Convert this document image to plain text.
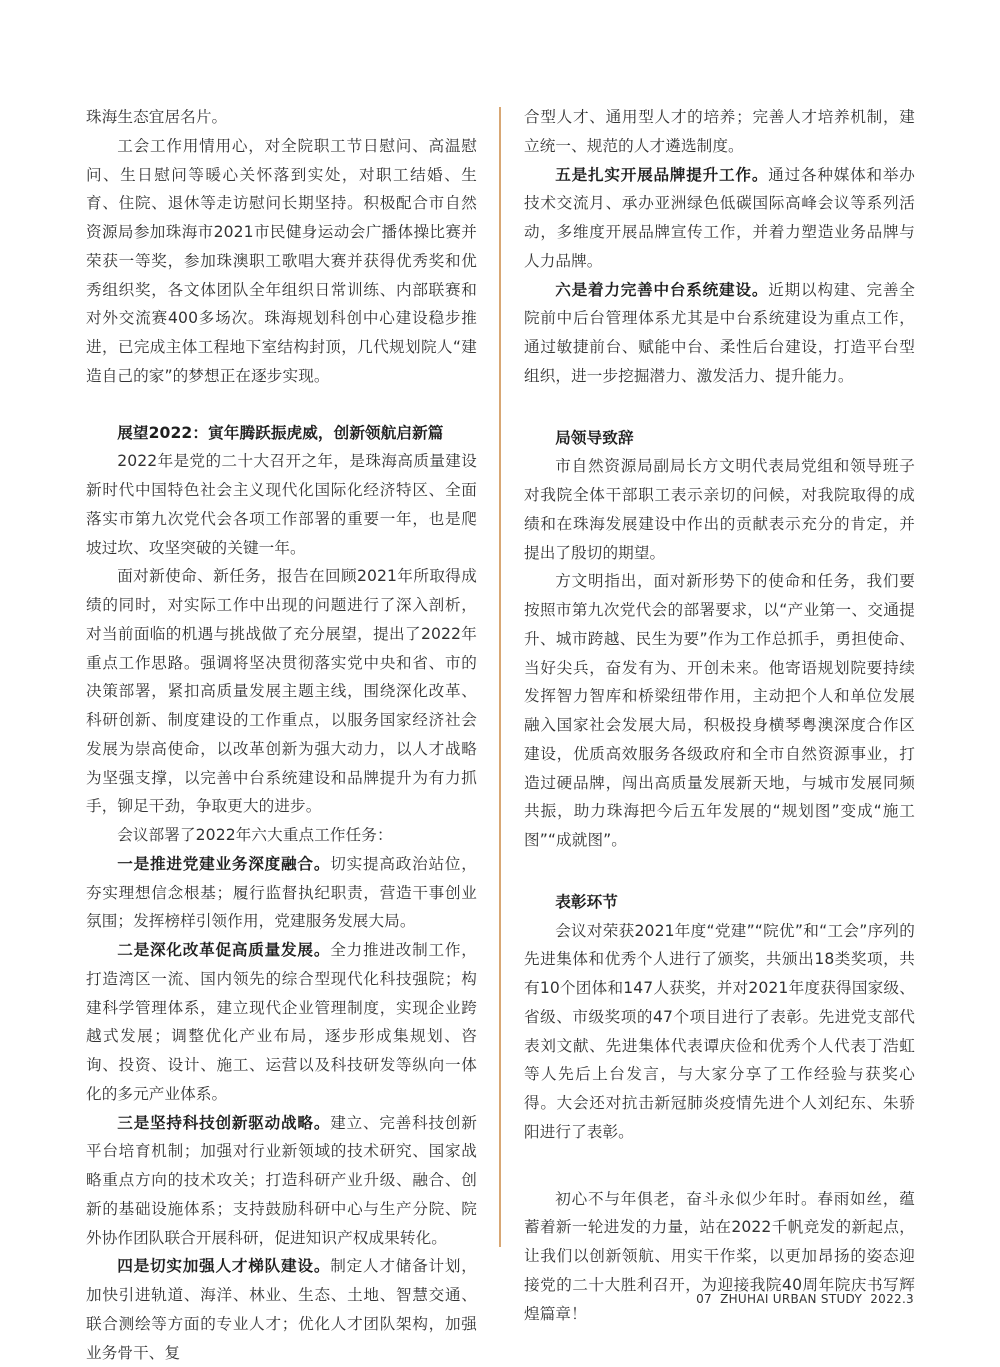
珠海生态宜居名片。

工会工作用情用心，对全院职工节日慰问、高温慰问、生日慰问等暖心关怀落到实处，对职工结婚、生育、住院、退休等走访慰问长期坚持。积极配合市自然资源局参加珠海市2021市民健身运动会广播体操比赛并荣获一等奖，参加珠澳职工歌唱大赛并获得优秀奖和优秀组织奖，各文体团队全年组织日常训练、内部联赛和对外交流赛400多场次。珠海规划科创中心建设稳步推进，已完成主体工程地下室结构封顶，几代规划院人“建造自己的家”的梦想正在逐步实现。

展望2022：寅年腾跃振虎威，创新领航启新篇

2022年是党的二十大召开之年，是珠海高质量建设新时代中国特色社会主义现代化国际化经济特区、全面落实市第九次党代会各项工作部署的重要一年，也是爬坡过坎、攻坚突破的关键一年。

面对新使命、新任务，报告在回顾2021年所取得成绩的同时，对实际工作中出现的问题进行了深入剖析，对当前面临的机遇与挑战做了充分展望，提出了2022年重点工作思路。强调将坚决贯彻落实党中央和省、市的决策部署，紧扣高质量发展主题主线，围绕深化改革、科研创新、制度建设的工作重点，以服务国家经济社会发展为崇高使命，以改革创新为强大动力，以人才战略为坚强支撑，以完善中台系统建设和品牌提升为有力抓手，铆足干劲，争取更大的进步。

会议部署了2022年六大重点工作任务：

一是推进党建业务深度融合。切实提高政治站位，夯实理想信念根基；履行监督执纪职责，营造干事创业氛围；发挥榜样引领作用，党建服务发展大局。

二是深化改革促高质量发展。全力推进改制工作，打造湾区一流、国内领先的综合型现代化科技强院；构建科学管理体系，建立现代企业管理制度，实现企业跨越式发展；调整优化产业布局，逐步形成集规划、咨询、投资、设计、施工、运营以及科技研发等纵向一体化的多元产业体系。

三是坚持科技创新驱动战略。建立、完善科技创新平台培育机制；加强对行业新领域的技术研究、国家战略重点方向的技术攻关；打造科研产业升级、融合、创新的基础设施体系；支持鼓励科研中心与生产分院、院外协作团队联合开展科研，促进知识产权成果转化。

四是切实加强人才梯队建设。制定人才储备计划，加快引进轨道、海洋、林业、生态、土地、智慧交通、联合测绘等方面的专业人才；优化人才团队架构，加强业务骨干、复

合型人才、通用型人才的培养；完善人才培养机制，建立统一、规范的人才遴选制度。

五是扎实开展品牌提升工作。通过各种媒体和举办技术交流月、承办亚洲绿色低碳国际高峰会议等系列活动，多维度开展品牌宣传工作，并着力塑造业务品牌与人力品牌。

六是着力完善中台系统建设。近期以构建、完善全院前中后台管理体系尤其是中台系统建设为重点工作，通过敏捷前台、赋能中台、柔性后台建设，打造平台型组织，进一步挖掘潜力、激发活力、提升能力。

局领导致辞

市自然资源局副局长方文明代表局党组和领导班子对我院全体干部职工表示亲切的问候，对我院取得的成绩和在珠海发展建设中作出的贡献表示充分的肯定，并提出了殷切的期望。

方文明指出，面对新形势下的使命和任务，我们要按照市第九次党代会的部署要求，以“产业第一、交通提升、城市跨越、民生为要”作为工作总抓手，勇担使命、当好尖兵，奋发有为、开创未来。他寄语规划院要持续发挥智力智库和桥梁纽带作用，主动把个人和单位发展融入国家社会发展大局，积极投身横琴粤澳深度合作区建设，优质高效服务各级政府和全市自然资源事业，打造过硬品牌，闯出高质量发展新天地，与城市发展同频共振，助力珠海把今后五年发展的“规划图”变成“施工图”“成就图”。

表彰环节

会议对荣获2021年度“党建”“院优”和“工会”序列的先进集体和优秀个人进行了颁奖，共颁出18类奖项，共有10个团体和147人获奖，并对2021年度获得国家级、省级、市级奖项的47个项目进行了表彰。先进党支部代表刘文献、先进集体代表谭庆俭和优秀个人代表丁浩虹等人先后上台发言，与大家分享了工作经验与获奖心得。大会还对抗击新冠肺炎疫情先进个人刘纪东、朱骄阳进行了表彰。

初心不与年俱老，奋斗永似少年时。春雨如丝，蕴蓄着新一轮进发的力量，站在2022千帆竞发的新起点，让我们以创新领航、用实干作桨，以更加昂扬的姿态迎接党的二十大胜利召开，为迎接我院40周年院庆书写辉煌篇章！

07 ZHUHAI URBAN STUDY 2022.3
